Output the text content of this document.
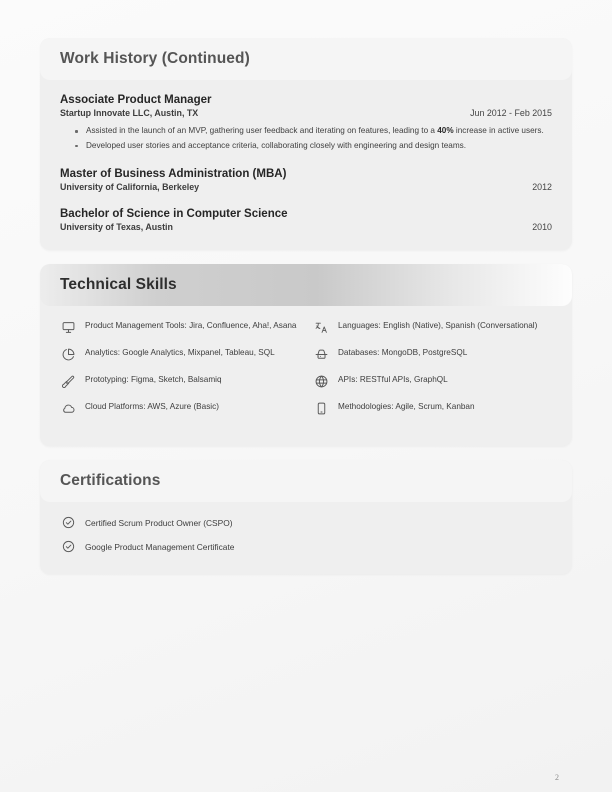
Work History (Continued)
Associate Product Manager
Startup Innovate LLC, Austin, TX	Jun 2012 - Feb 2015
Assisted in the launch of an MVP, gathering user feedback and iterating on features, leading to a 40% increase in active users.
Developed user stories and acceptance criteria, collaborating closely with engineering and design teams.
Master of Business Administration (MBA)
University of California, Berkeley	2012
Bachelor of Science in Computer Science
University of Texas, Austin	2010
Technical Skills
Product Management Tools: Jira, Confluence, Aha!, Asana
Analytics: Google Analytics, Mixpanel, Tableau, SQL
Prototyping: Figma, Sketch, Balsamiq
Cloud Platforms: AWS, Azure (Basic)
Languages: English (Native), Spanish (Conversational)
Databases: MongoDB, PostgreSQL
APIs: RESTful APIs, GraphQL
Methodologies: Agile, Scrum, Kanban
Certifications
Certified Scrum Product Owner (CSPO)
Google Product Management Certificate
2
